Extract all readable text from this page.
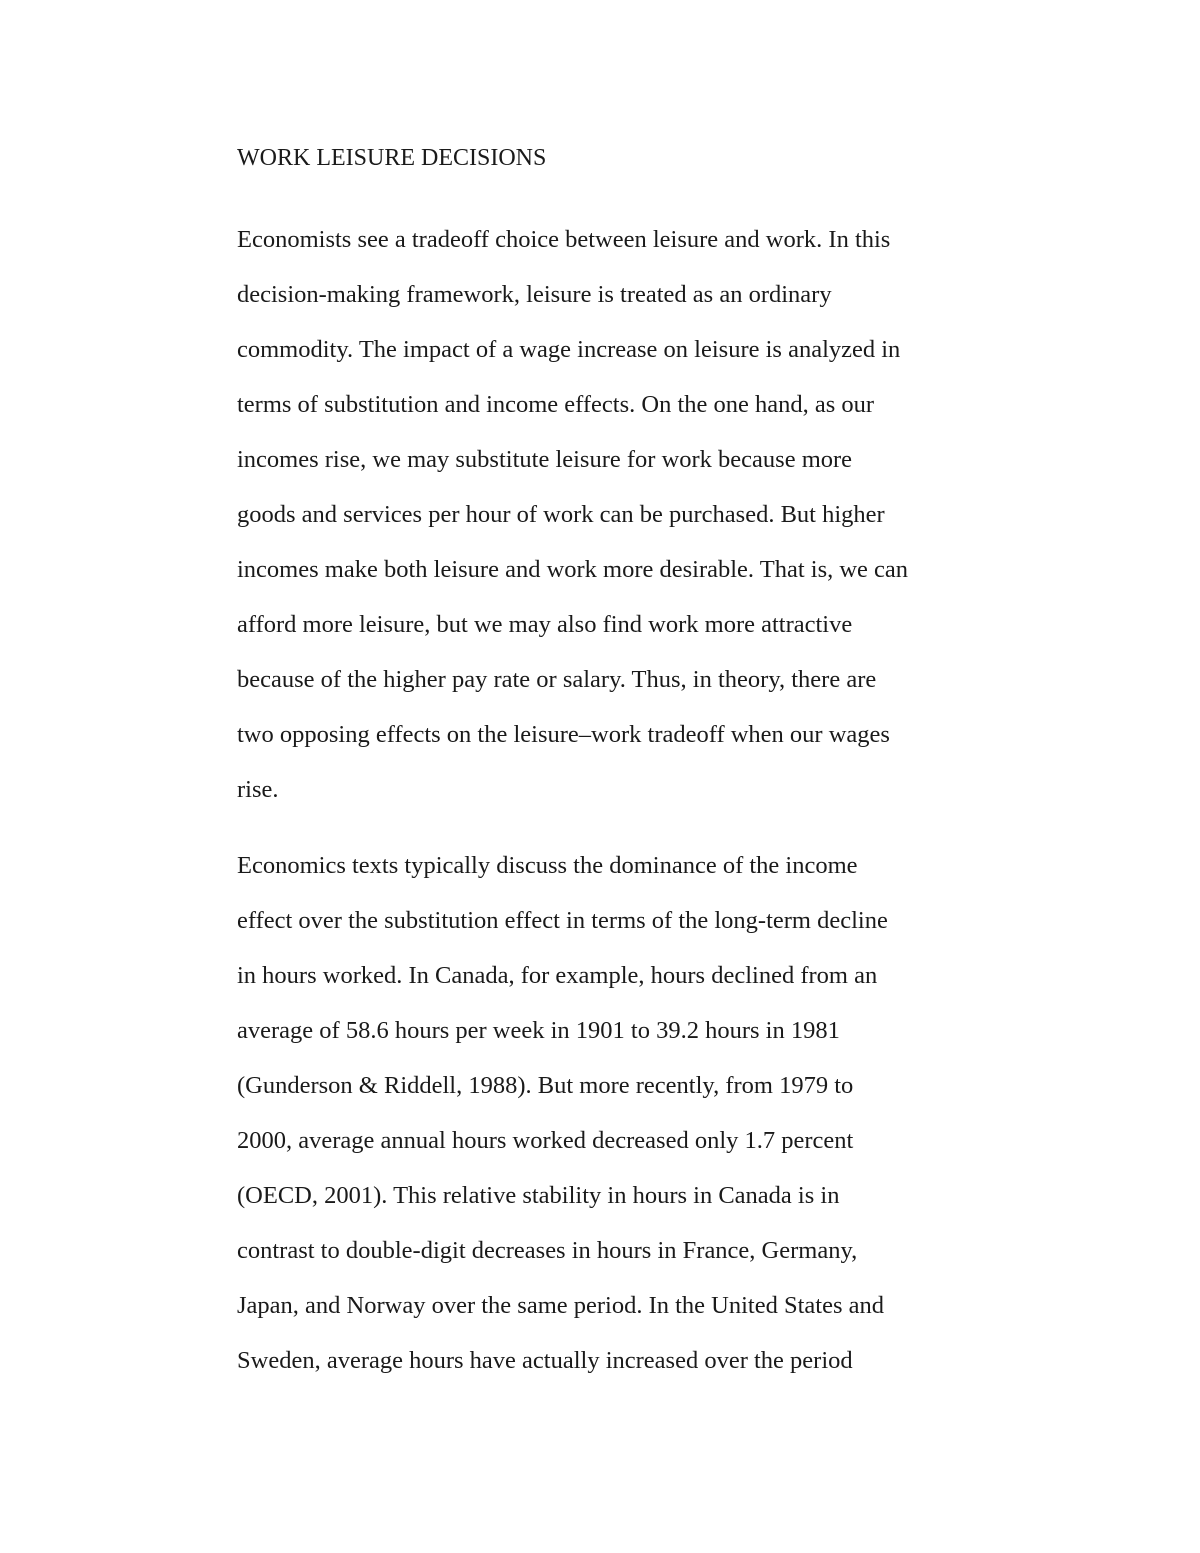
WORK LEISURE DECISIONS
Economists see a tradeoff choice between leisure and work. In this
decision-making framework, leisure is treated as an ordinary
commodity. The impact of a wage increase on leisure is analyzed in
terms of substitution and income effects. On the one hand, as our
incomes rise, we may substitute leisure for work because more
goods and services per hour of work can be purchased. But higher
incomes make both leisure and work more desirable. That is, we can
afford more leisure, but we may also find work more attractive
because of the higher pay rate or salary. Thus, in theory, there are
two opposing effects on the leisure–work tradeoff when our wages
rise.
Economics texts typically discuss the dominance of the income
effect over the substitution effect in terms of the long-term decline
in hours worked. In Canada, for example, hours declined from an
average of 58.6 hours per week in 1901 to 39.2 hours in 1981
(Gunderson & Riddell, 1988). But more recently, from 1979 to
2000, average annual hours worked decreased only 1.7 percent
(OECD, 2001). This relative stability in hours in Canada is in
contrast to double-digit decreases in hours in France, Germany,
Japan, and Norway over the same period. In the United States and
Sweden, average hours have actually increased over the period
